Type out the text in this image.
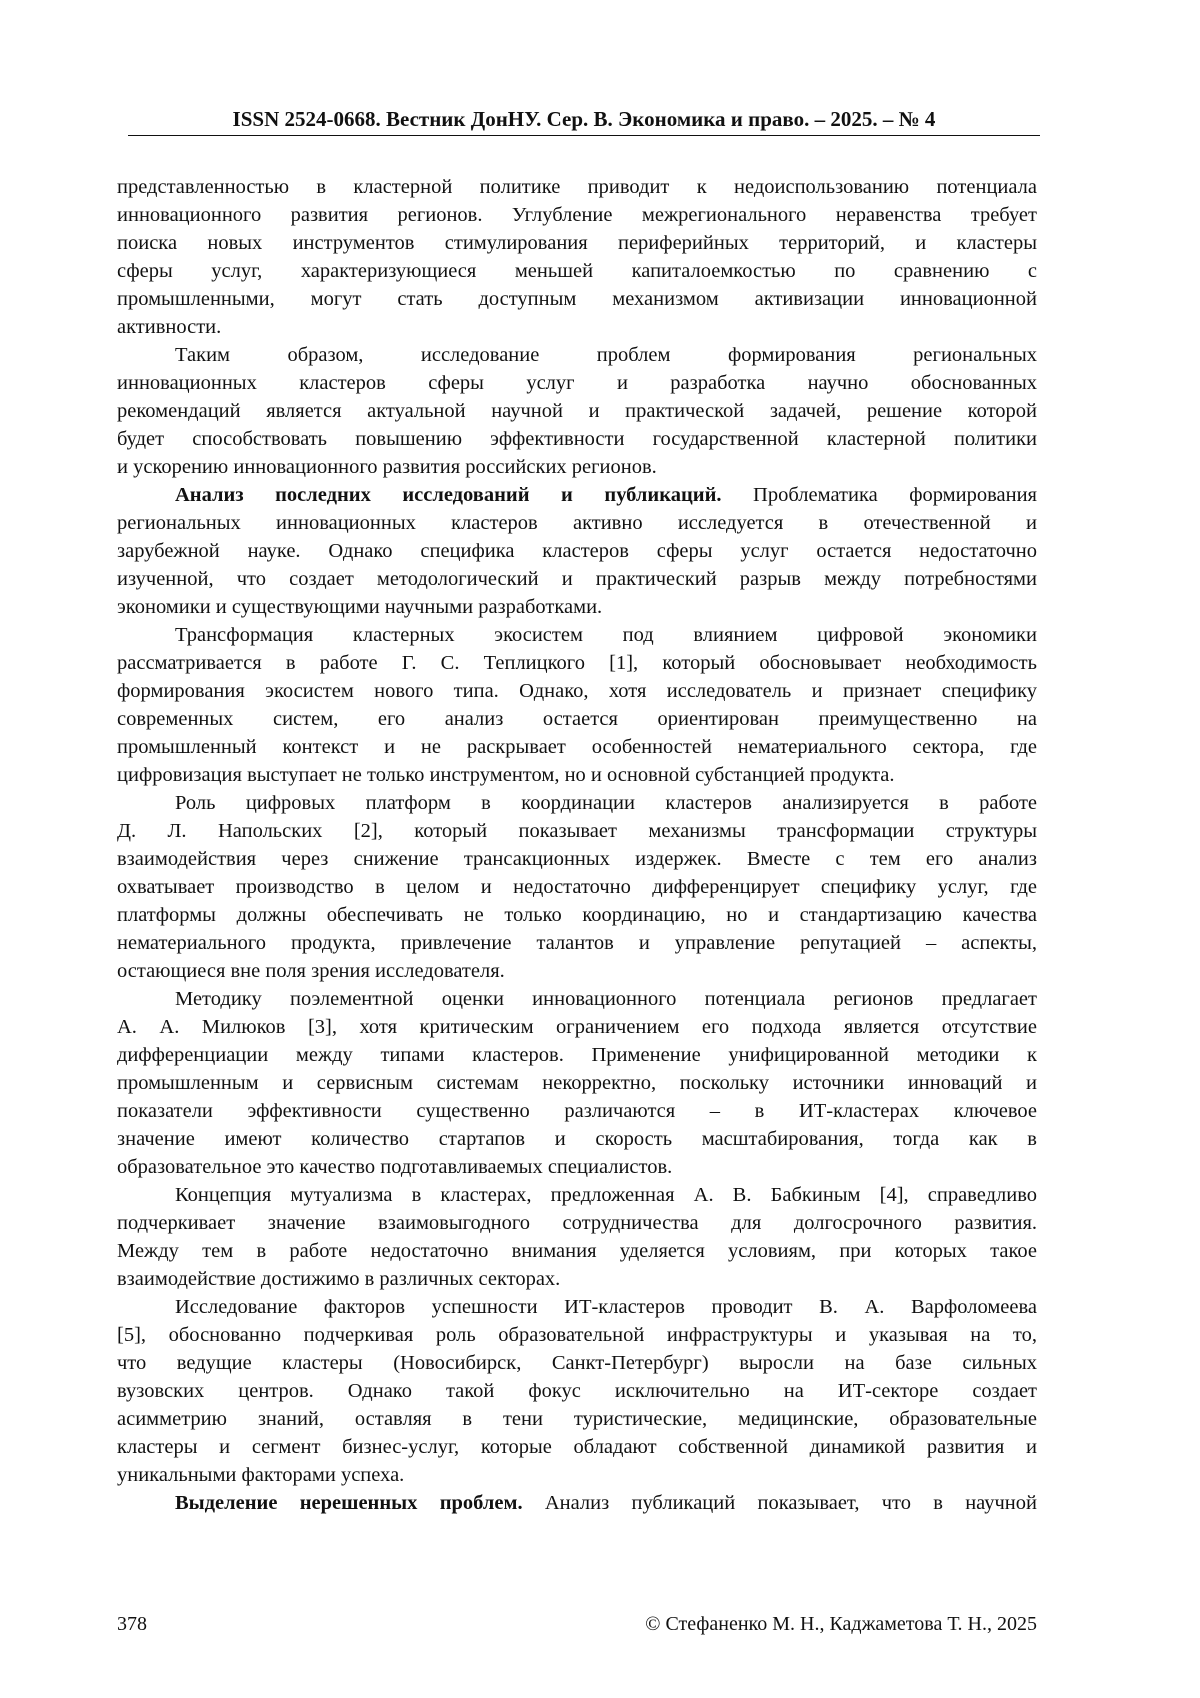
ISSN 2524-0668. Вестник ДонНУ. Сер. В. Экономика и право. – 2025. – № 4
представленностью в кластерной политике приводит к недоиспользованию потенциала
инновационного развития регионов. Углубление межрегионального неравенства требует
поиска новых инструментов стимулирования периферийных территорий, и кластеры
сферы услуг, характеризующиеся меньшей капиталоемкостью по сравнению с
промышленными, могут стать доступным механизмом активизации инновационной
активности.
Таким образом, исследование проблем формирования региональных
инновационных кластеров сферы услуг и разработка научно обоснованных
рекомендаций является актуальной научной и практической задачей, решение которой
будет способствовать повышению эффективности государственной кластерной политики
и ускорению инновационного развития российских регионов.
Анализ последних исследований и публикаций. Проблематика формирования
региональных инновационных кластеров активно исследуется в отечественной и
зарубежной науке. Однако специфика кластеров сферы услуг остается недостаточно
изученной, что создает методологический и практический разрыв между потребностями
экономики и существующими научными разработками.
Трансформация кластерных экосистем под влиянием цифровой экономики
рассматривается в работе Г. С. Теплицкого [1], который обосновывает необходимость
формирования экосистем нового типа. Однако, хотя исследователь и признает специфику
современных систем, его анализ остается ориентирован преимущественно на
промышленный контекст и не раскрывает особенностей нематериального сектора, где
цифровизация выступает не только инструментом, но и основной субстанцией продукта.
Роль цифровых платформ в координации кластеров анализируется в работе
Д. Л. Напольских [2], который показывает механизмы трансформации структуры
взаимодействия через снижение трансакционных издержек. Вместе с тем его анализ
охватывает производство в целом и недостаточно дифференцирует специфику услуг, где
платформы должны обеспечивать не только координацию, но и стандартизацию качества
нематериального продукта, привлечение талантов и управление репутацией – аспекты,
остающиеся вне поля зрения исследователя.
Методику поэлементной оценки инновационного потенциала регионов предлагает
А. А. Милюков [3], хотя критическим ограничением его подхода является отсутствие
дифференциации между типами кластеров. Применение унифицированной методики к
промышленным и сервисным системам некорректно, поскольку источники инноваций и
показатели эффективности существенно различаются – в ИТ-кластерах ключевое
значение имеют количество стартапов и скорость масштабирования, тогда как в
образовательное это качество подготавливаемых специалистов.
Концепция мутуализма в кластерах, предложенная А. В. Бабкиным [4], справедливо
подчеркивает значение взаимовыгодного сотрудничества для долгосрочного развития.
Между тем в работе недостаточно внимания уделяется условиям, при которых такое
взаимодействие достижимо в различных секторах.
Исследование факторов успешности ИТ-кластеров проводит В. А. Варфоломеева
[5], обоснованно подчеркивая роль образовательной инфраструктуры и указывая на то,
что ведущие кластеры (Новосибирск, Санкт-Петербург) выросли на базе сильных
вузовских центров. Однако такой фокус исключительно на ИТ-секторе создает
асимметрию знаний, оставляя в тени туристические, медицинские, образовательные
кластеры и сегмент бизнес-услуг, которые обладают собственной динамикой развития и
уникальными факторами успеха.
Выделение нерешенных проблем. Анализ публикаций показывает, что в научной
378	© Стефаненко М. Н., Каджаметова Т. Н., 2025
